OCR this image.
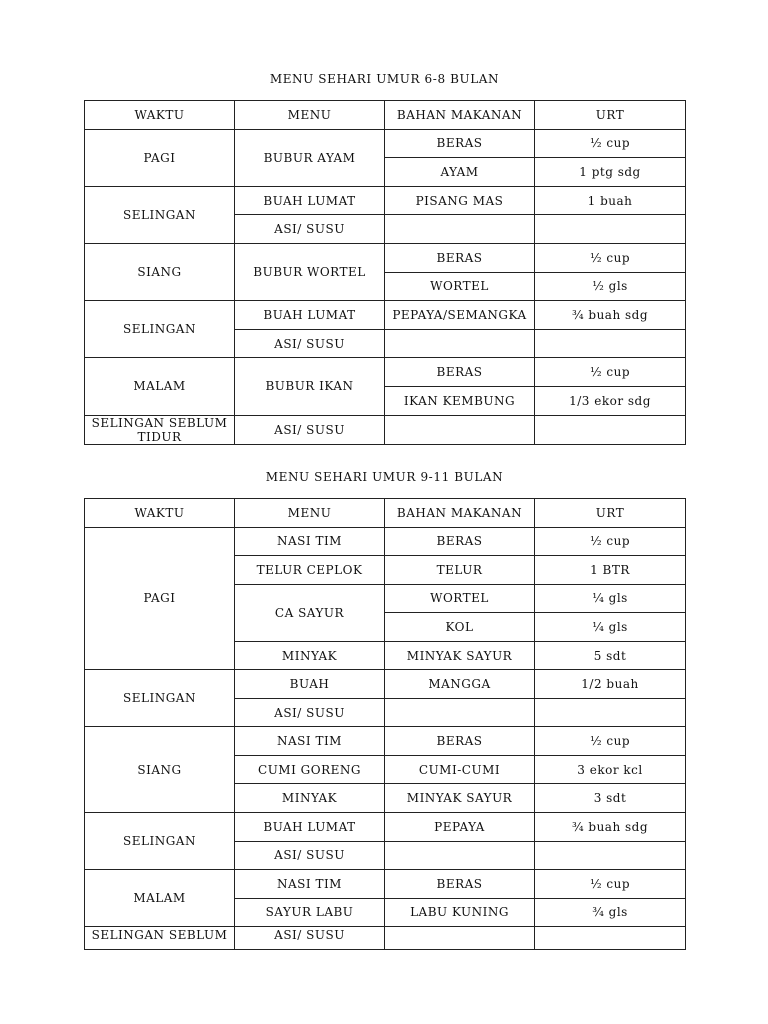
MENU SEHARI UMUR 6-8 BULAN
WAKTU	MENU	BAHAN MAKANAN	URT
PAGI	BUBUR AYAM	BERAS	½ cup
		AYAM	1 ptg sdg
SELINGAN	BUAH LUMAT	PISANG MAS	1 buah
	ASI/ SUSU		
SIANG	BUBUR WORTEL	BERAS	½ cup
		WORTEL	½ gls
SELINGAN	BUAH LUMAT	PEPAYA/SEMANGKA	¾ buah sdg
	ASI/ SUSU		
MALAM	BUBUR IKAN	BERAS	½ cup
		IKAN KEMBUNG	1/3 ekor sdg
SELINGAN SEBLUM TIDUR	ASI/ SUSU		
MENU SEHARI UMUR 9-11 BULAN
WAKTU	MENU	BAHAN MAKANAN	URT
PAGI	NASI TIM	BERAS	½ cup
	TELUR CEPLOK	TELUR	1 BTR
	CA SAYUR	WORTEL	¼ gls
		KOL	¼ gls
	MINYAK	MINYAK SAYUR	5 sdt
SELINGAN	BUAH	MANGGA	1/2 buah
	ASI/ SUSU		
SIANG	NASI TIM	BERAS	½ cup
	CUMI GORENG	CUMI-CUMI	3 ekor kcl
	MINYAK	MINYAK SAYUR	3 sdt
SELINGAN	BUAH LUMAT	PEPAYA	¾ buah sdg
	ASI/ SUSU		
MALAM	NASI TIM	BERAS	½ cup
	SAYUR LABU	LABU KUNING	¾ gls
SELINGAN SEBLUM	ASI/ SUSU		
